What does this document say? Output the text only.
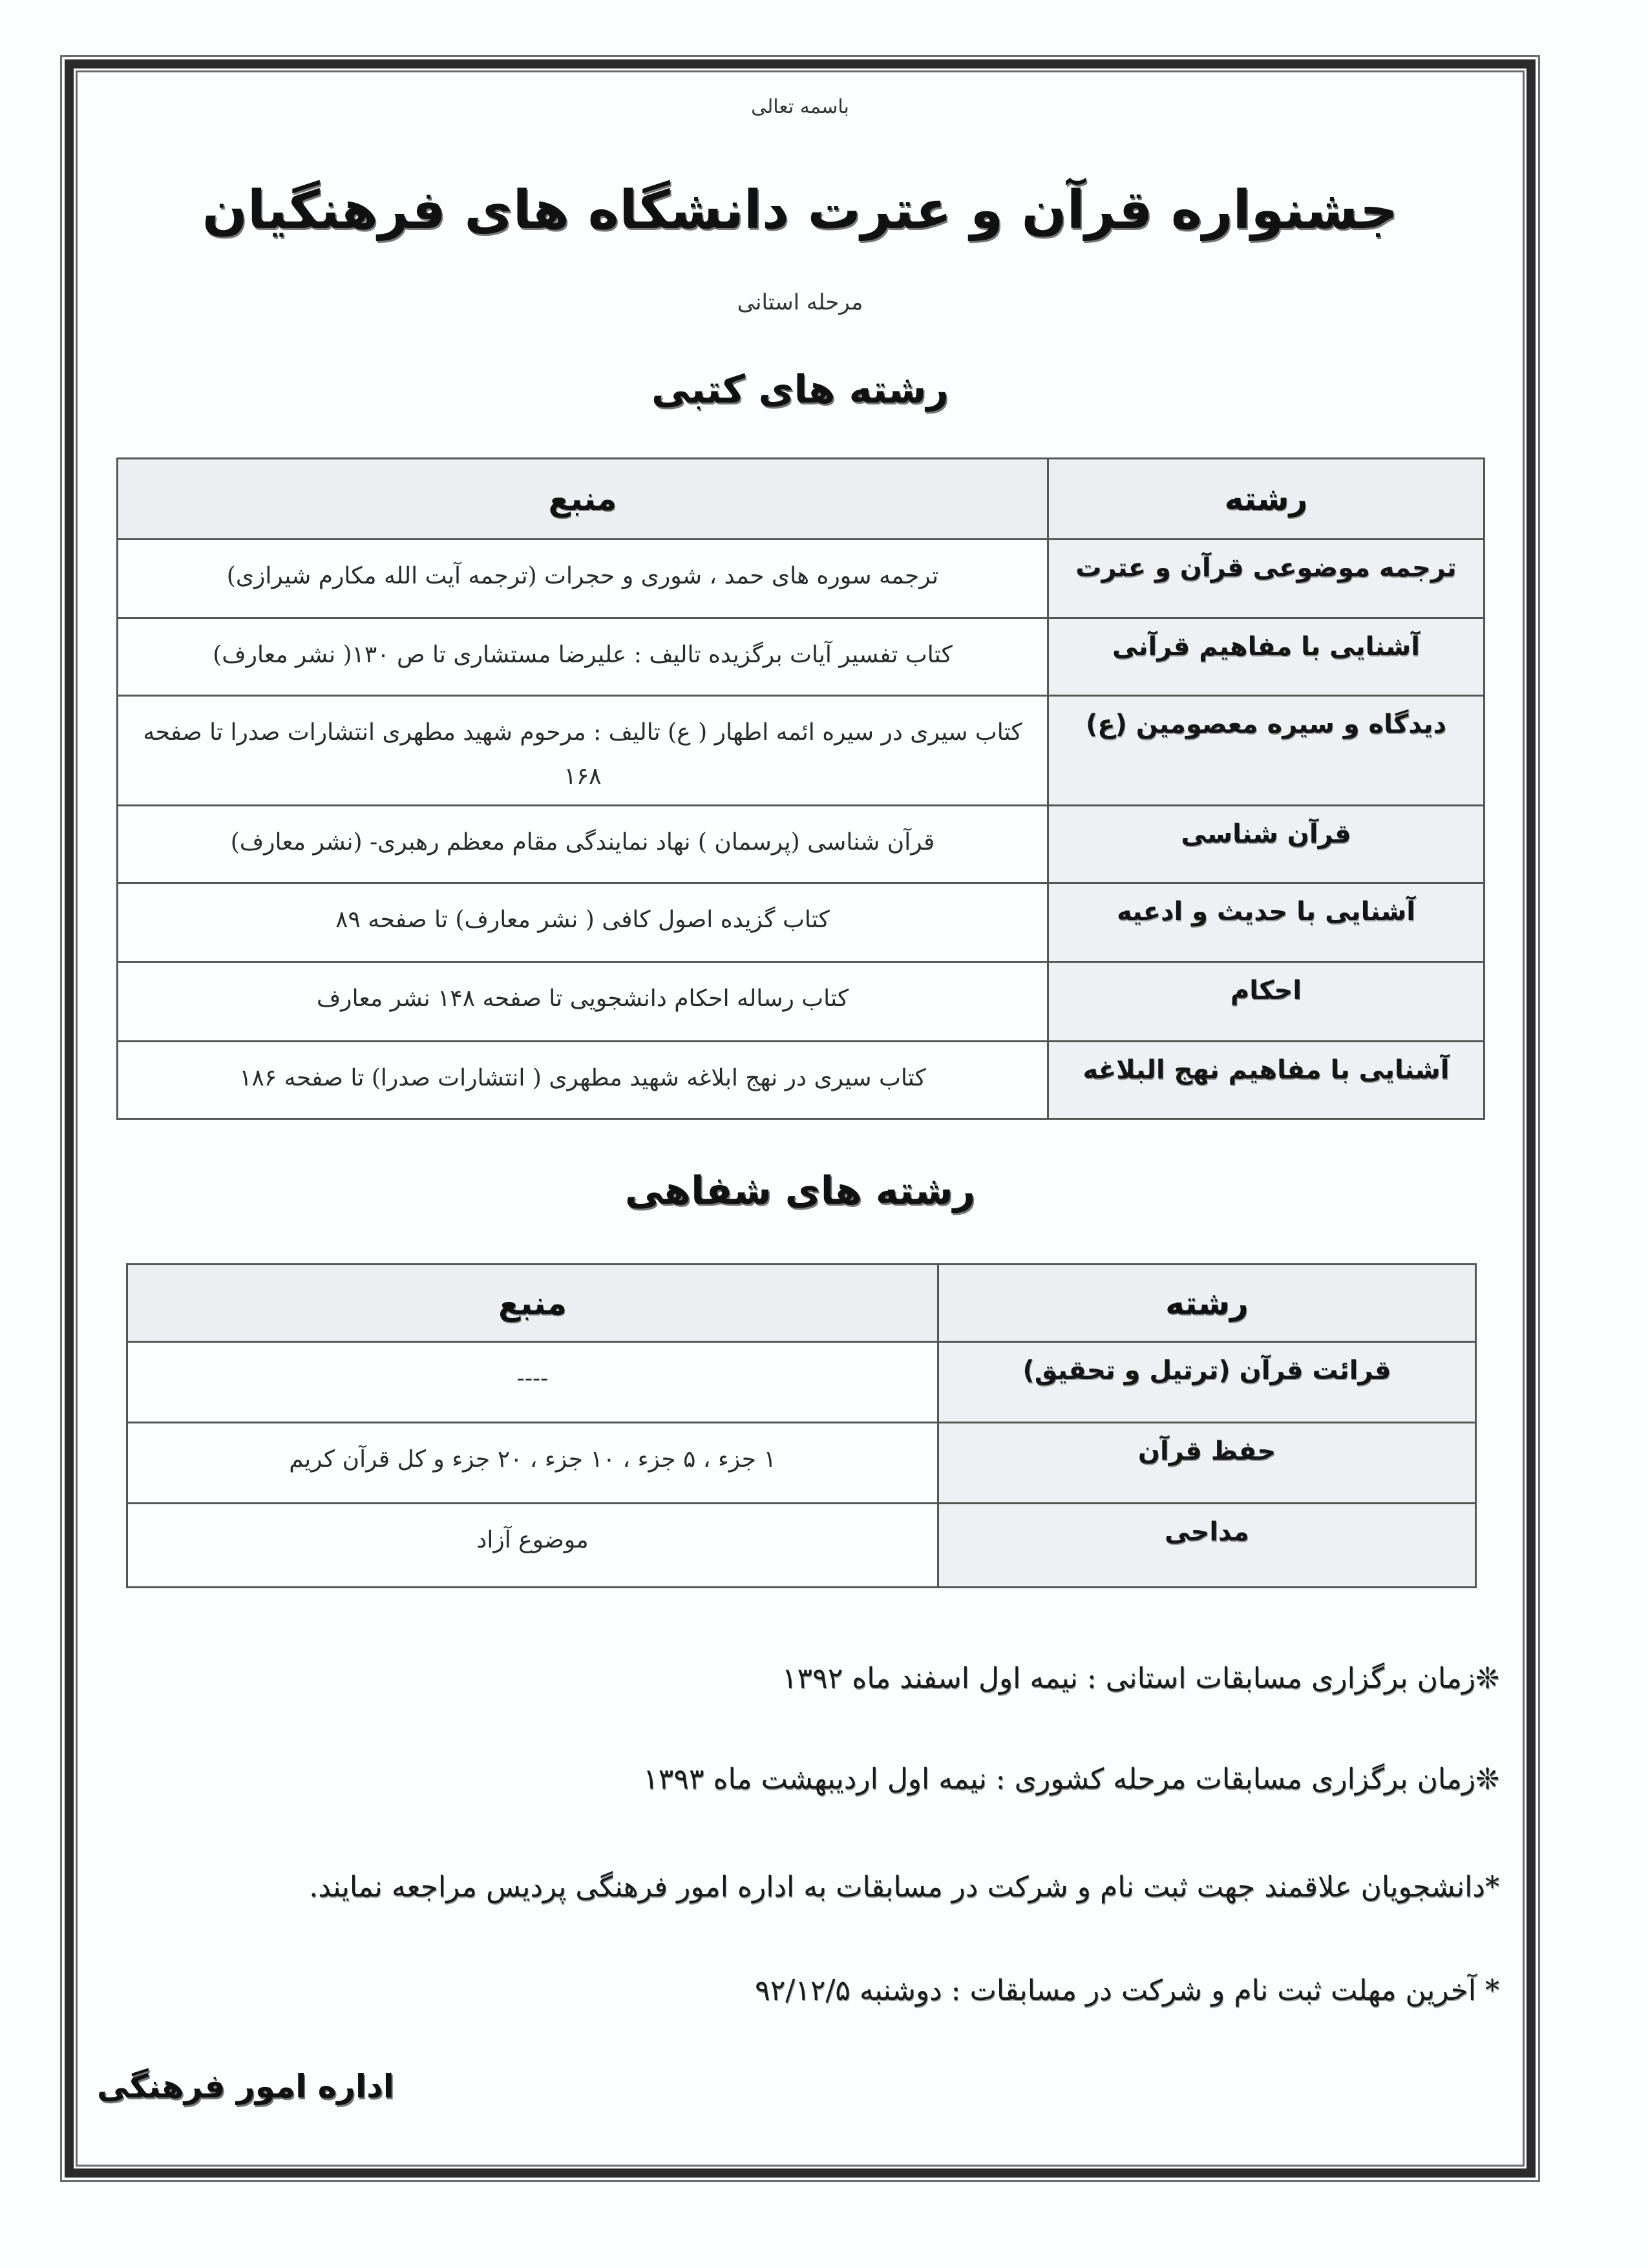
باسمه تعالی
جشنواره قرآن و عترت دانشگاه های فرهنگیان
مرحله استانی
رشته های کتبی
رشته	منبع
ترجمه موضوعی قرآن و عترت	ترجمه سوره های حمد ، شوری و حجرات (ترجمه آیت الله مکارم شیرازی)
آشنایی با مفاهیم قرآنی	کتاب تفسیر آیات برگزیده تالیف : علیرضا مستشاری تا ص ۱۳۰( نشر معارف)
دیدگاه و سیره معصومین (ع)	کتاب سیری در سیره ائمه اطهار ( ع) تالیف : مرحوم شهید مطهری انتشارات صدرا تا صفحه ۱۶۸
قرآن شناسی	قرآن شناسی (پرسمان ) نهاد نمایندگی مقام معظم رهبری- (نشر معارف)
آشنایی با حدیث و ادعیه	کتاب گزیده اصول کافی ( نشر معارف) تا صفحه ۸۹
احکام	کتاب رساله احکام دانشجویی تا صفحه ۱۴۸ نشر معارف
آشنایی با مفاهیم نهج البلاغه	کتاب سیری در نهج ابلاغه شهید مطهری ( انتشارات صدرا) تا صفحه ۱۸۶
رشته های شفاهی
رشته	منبع
قرائت قرآن (ترتیل و تحقیق)	----
حفظ قرآن	۱ جزء ، ۵ جزء ، ۱۰ جزء ، ۲۰ جزء و کل قرآن کریم
مداحی	موضوع آزاد
❊زمان برگزاری مسابقات استانی : نیمه اول اسفند ماه ۱۳۹۲
❊زمان برگزاری مسابقات مرحله کشوری : نیمه اول اردیبهشت ماه ۱۳۹۳
*دانشجویان علاقمند جهت ثبت نام و شرکت در مسابقات به اداره امور فرهنگی پردیس مراجعه نمایند.
* آخرین مهلت ثبت نام و شرکت در مسابقات : دوشنبه ۹۲/۱۲/۵
اداره امور فرهنگی
